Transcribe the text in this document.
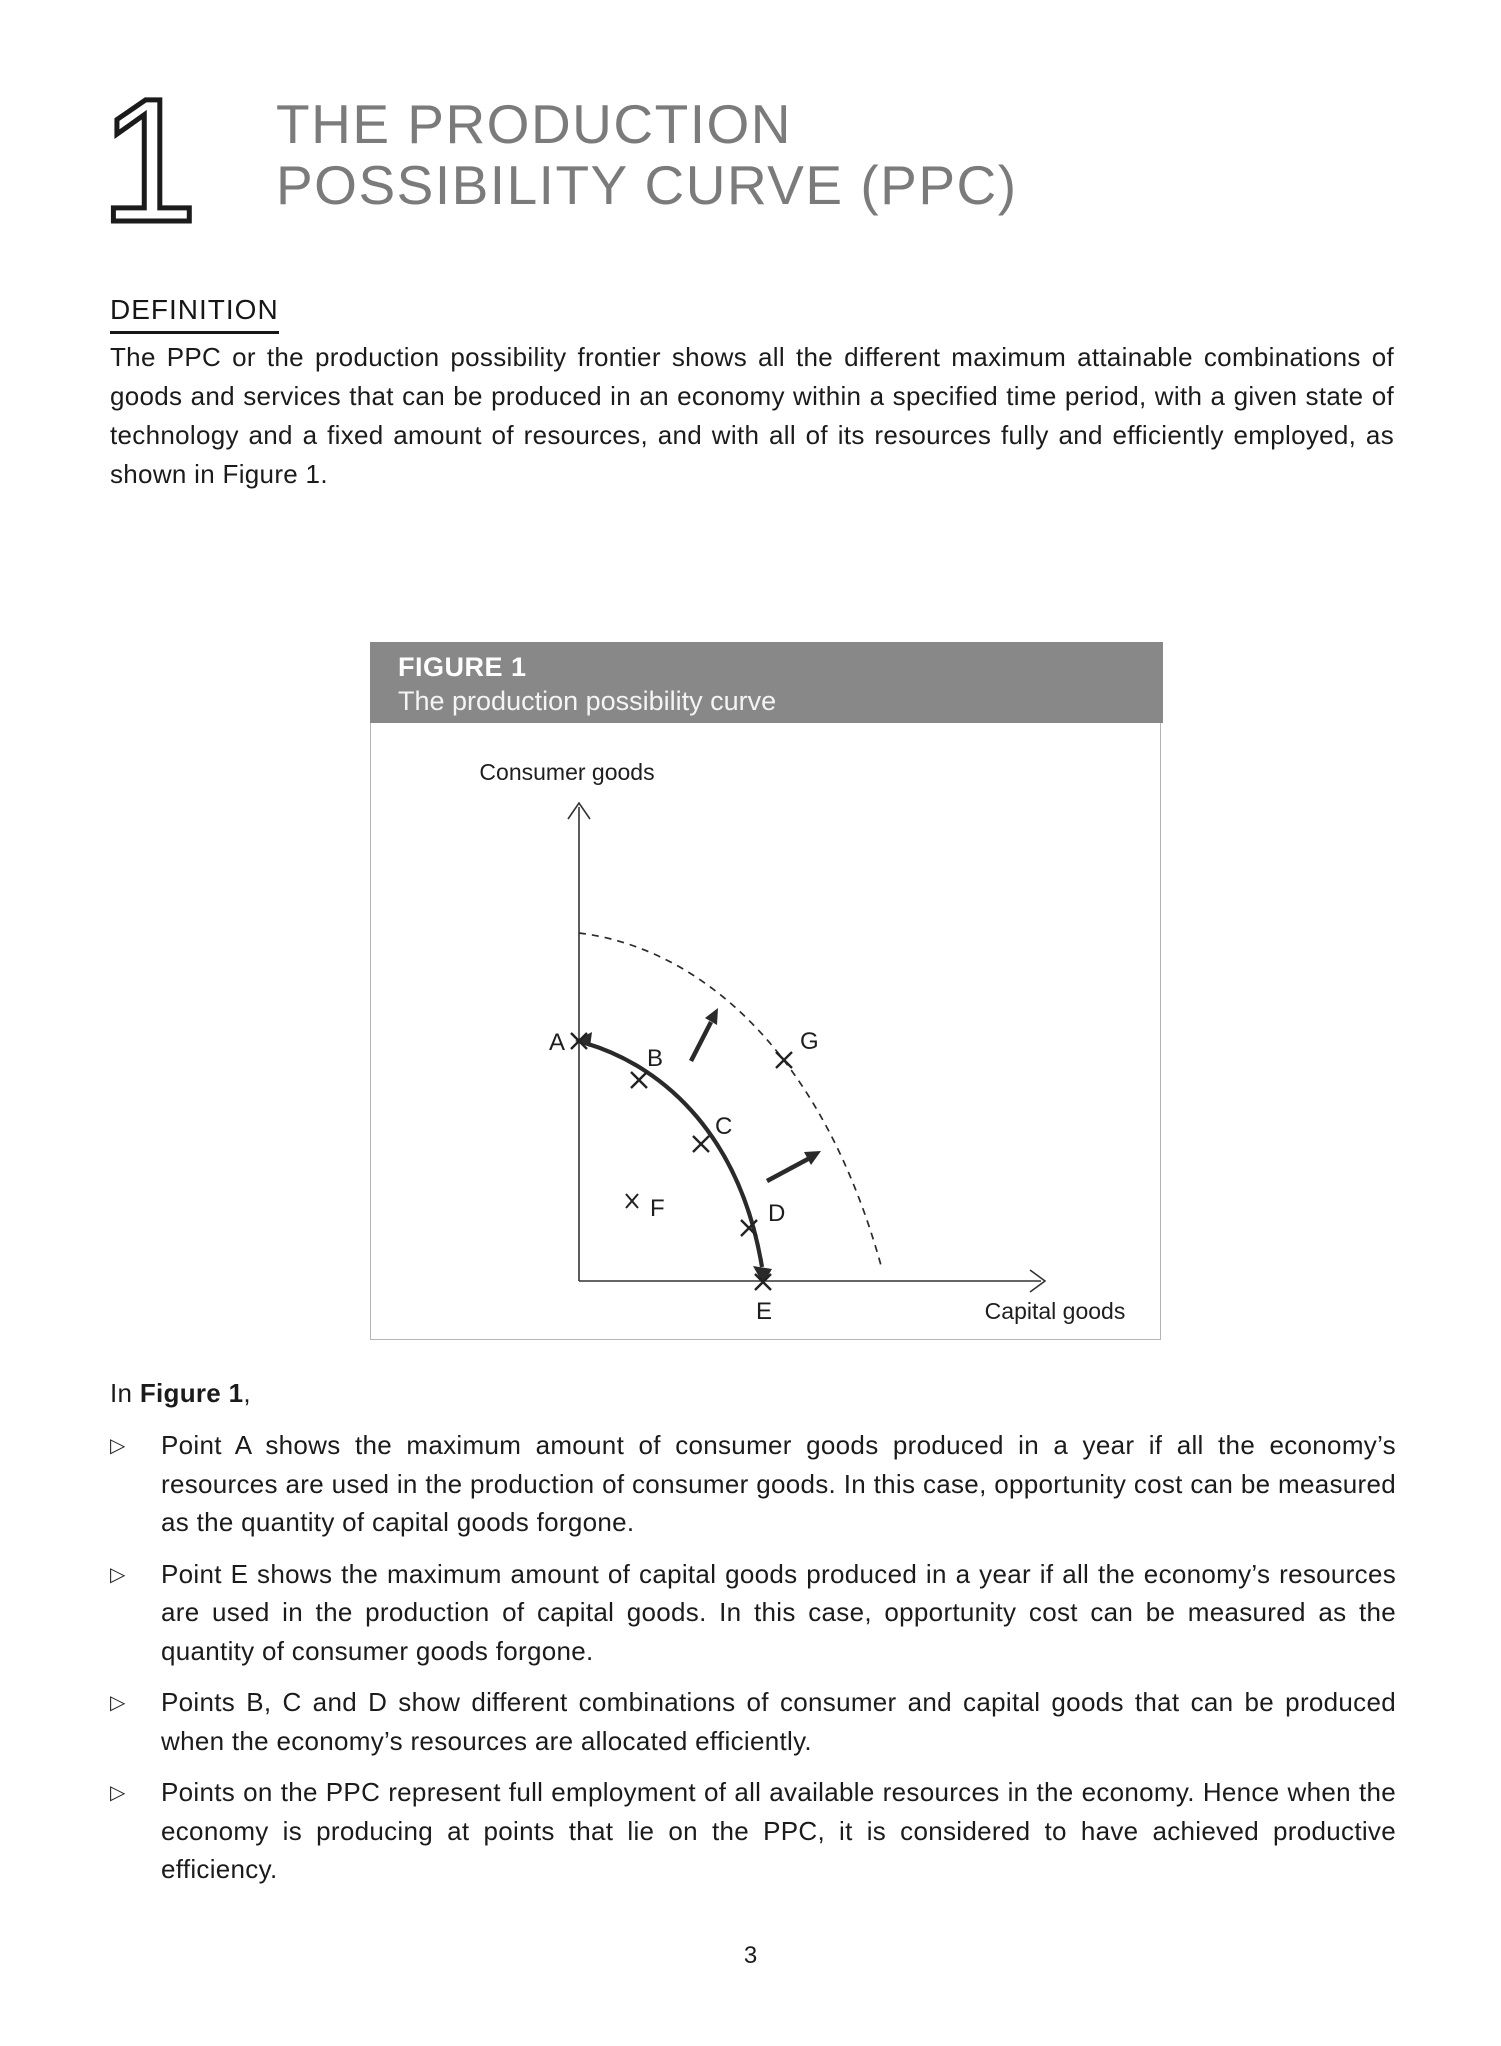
1 THE PRODUCTION
POSSIBILITY CURVE (PPC)
DEFINITION

The PPC or the production possibility frontier shows all the different maximum attainable combinations of goods and services that can be produced in an economy within a specified time period, with a given state of technology and a fixed amount of resources, and with all of its resources fully and efficiently employed, as shown in Figure 1.

FIGURE 1
The production possibility curve
Consumer goods
Capital goods
A
B
C
D
E
F
G

In Figure 1,

▷	Point A shows the maximum amount of consumer goods produced in a year if all the economy’s resources are used in the production of consumer goods. In this case, opportunity cost can be measured as the quantity of capital goods forgone.
▷	Point E shows the maximum amount of capital goods produced in a year if all the economy’s resources are used in the production of capital goods. In this case, opportunity cost can be measured as the quantity of consumer goods forgone.
▷	Points B, C and D show different combinations of consumer and capital goods that can be produced when the economy’s resources are allocated efficiently.
▷	Points on the PPC represent full employment of all available resources in the economy. Hence when the economy is producing at points that lie on the PPC, it is considered to have achieved productive efficiency.
3
